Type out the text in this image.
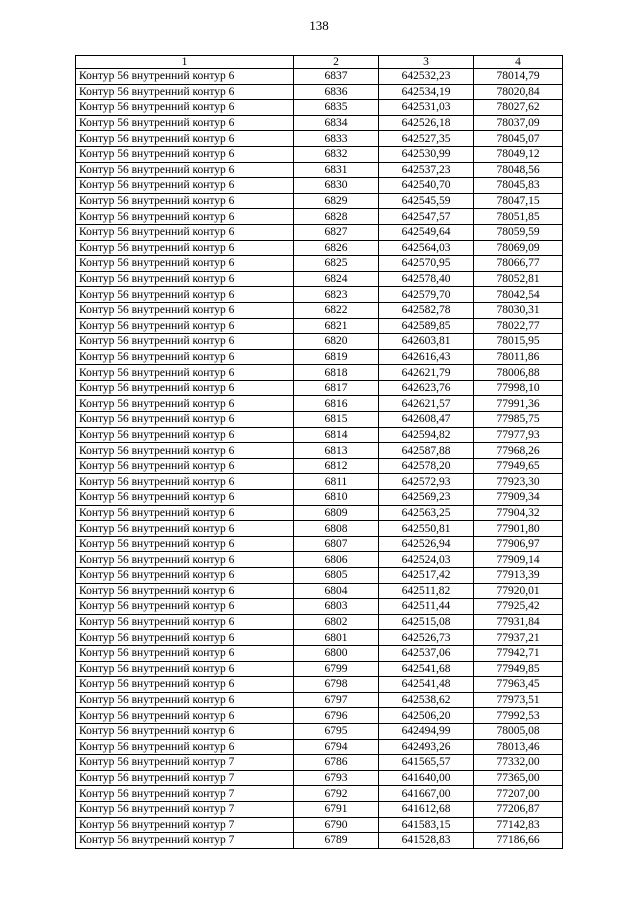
138
1	2	3	4
Контур 56 внутренний контур 6	6837	642532,23	78014,79
Контур 56 внутренний контур 6	6836	642534,19	78020,84
Контур 56 внутренний контур 6	6835	642531,03	78027,62
Контур 56 внутренний контур 6	6834	642526,18	78037,09
Контур 56 внутренний контур 6	6833	642527,35	78045,07
Контур 56 внутренний контур 6	6832	642530,99	78049,12
Контур 56 внутренний контур 6	6831	642537,23	78048,56
Контур 56 внутренний контур 6	6830	642540,70	78045,83
Контур 56 внутренний контур 6	6829	642545,59	78047,15
Контур 56 внутренний контур 6	6828	642547,57	78051,85
Контур 56 внутренний контур 6	6827	642549,64	78059,59
Контур 56 внутренний контур 6	6826	642564,03	78069,09
Контур 56 внутренний контур 6	6825	642570,95	78066,77
Контур 56 внутренний контур 6	6824	642578,40	78052,81
Контур 56 внутренний контур 6	6823	642579,70	78042,54
Контур 56 внутренний контур 6	6822	642582,78	78030,31
Контур 56 внутренний контур 6	6821	642589,85	78022,77
Контур 56 внутренний контур 6	6820	642603,81	78015,95
Контур 56 внутренний контур 6	6819	642616,43	78011,86
Контур 56 внутренний контур 6	6818	642621,79	78006,88
Контур 56 внутренний контур 6	6817	642623,76	77998,10
Контур 56 внутренний контур 6	6816	642621,57	77991,36
Контур 56 внутренний контур 6	6815	642608,47	77985,75
Контур 56 внутренний контур 6	6814	642594,82	77977,93
Контур 56 внутренний контур 6	6813	642587,88	77968,26
Контур 56 внутренний контур 6	6812	642578,20	77949,65
Контур 56 внутренний контур 6	6811	642572,93	77923,30
Контур 56 внутренний контур 6	6810	642569,23	77909,34
Контур 56 внутренний контур 6	6809	642563,25	77904,32
Контур 56 внутренний контур 6	6808	642550,81	77901,80
Контур 56 внутренний контур 6	6807	642526,94	77906,97
Контур 56 внутренний контур 6	6806	642524,03	77909,14
Контур 56 внутренний контур 6	6805	642517,42	77913,39
Контур 56 внутренний контур 6	6804	642511,82	77920,01
Контур 56 внутренний контур 6	6803	642511,44	77925,42
Контур 56 внутренний контур 6	6802	642515,08	77931,84
Контур 56 внутренний контур 6	6801	642526,73	77937,21
Контур 56 внутренний контур 6	6800	642537,06	77942,71
Контур 56 внутренний контур 6	6799	642541,68	77949,85
Контур 56 внутренний контур 6	6798	642541,48	77963,45
Контур 56 внутренний контур 6	6797	642538,62	77973,51
Контур 56 внутренний контур 6	6796	642506,20	77992,53
Контур 56 внутренний контур 6	6795	642494,99	78005,08
Контур 56 внутренний контур 6	6794	642493,26	78013,46
Контур 56 внутренний контур 7	6786	641565,57	77332,00
Контур 56 внутренний контур 7	6793	641640,00	77365,00
Контур 56 внутренний контур 7	6792	641667,00	77207,00
Контур 56 внутренний контур 7	6791	641612,68	77206,87
Контур 56 внутренний контур 7	6790	641583,15	77142,83
Контур 56 внутренний контур 7	6789	641528,83	77186,66
